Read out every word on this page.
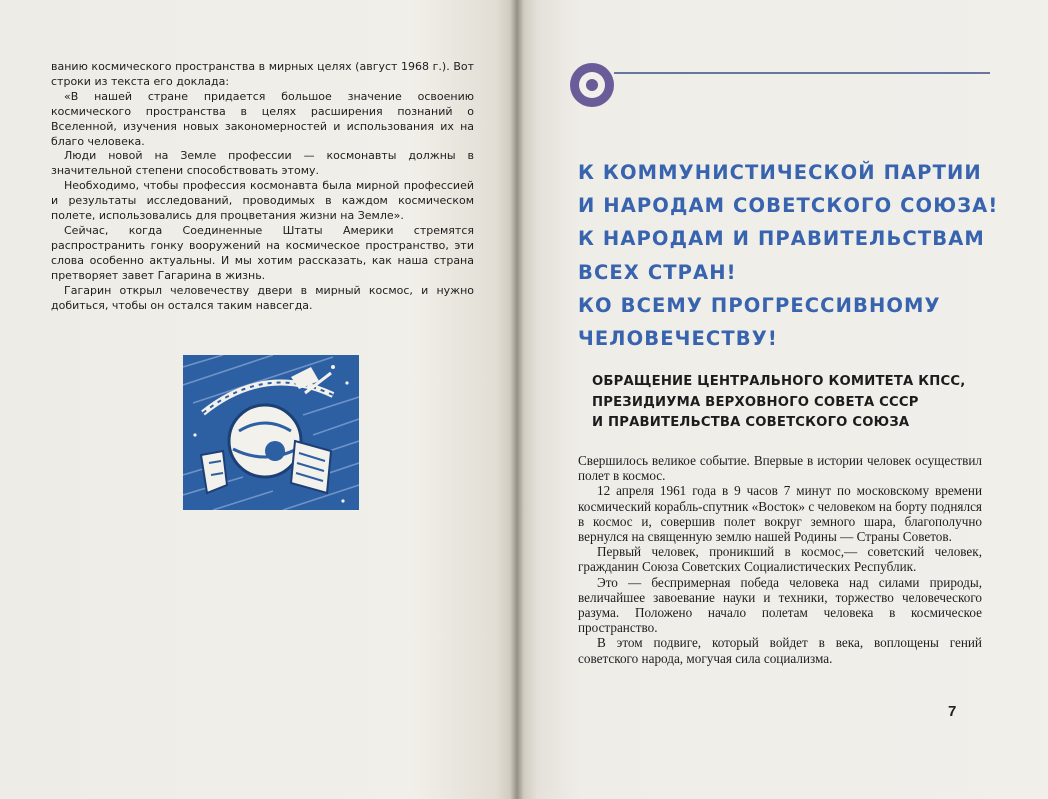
ванию космического пространства в мирных целях (август 1968 г.). Вот строки из текста его доклада:

«В нашей стране придается большое значение освоению космического пространства в целях расширения познаний о Вселенной, изучения новых закономерностей и использования их на благо человека.

Люди новой на Земле профессии — космонавты должны в значительной степени способствовать этому.

Необходимо, чтобы профессия космонавта была мирной профессией и результаты исследований, проводимых в каждом космическом полете, использовались для процветания жизни на Земле».

Сейчас, когда Соединенные Штаты Америки стремятся распространить гонку вооружений на космическое пространство, эти слова особенно актуальны. И мы хотим рассказать, как наша страна претворяет завет Гагарина в жизнь.

Гагарин открыл человечеству двери в мирный космос, и нужно добиться, чтобы он остался таким навсегда.

К КОММУНИСТИЧЕСКОЙ ПАРТИИ
И НАРОДАМ СОВЕТСКОГО СОЮЗА!
К НАРОДАМ И ПРАВИТЕЛЬСТВАМ
ВСЕХ СТРАН!
КО ВСЕМУ ПРОГРЕССИВНОМУ
ЧЕЛОВЕЧЕСТВУ!
ОБРАЩЕНИЕ ЦЕНТРАЛЬНОГО КОМИТЕТА КПСС,
ПРЕЗИДИУМА ВЕРХОВНОГО СОВЕТА СССР
И ПРАВИТЕЛЬСТВА СОВЕТСКОГО СОЮЗА

Свершилось великое событие. Впервые в истории человек осуществил полет в космос.

12 апреля 1961 года в 9 часов 7 минут по московскому времени космический корабль-спутник «Восток» с человеком на борту поднялся в космос и, совершив полет вокруг земного шара, благополучно вернулся на священную землю нашей Родины — Страны Советов.

Первый человек, проникший в космос,— советский человек, гражданин Союза Советских Социалистических Республик.

Это — беспримерная победа человека над силами природы, величайшее завоевание науки и техники, торжество человеческого разума. Положено начало полетам человека в космическое пространство.

В этом подвиге, который войдет в века, воплощены гений советского народа, могучая сила социализма.

7
